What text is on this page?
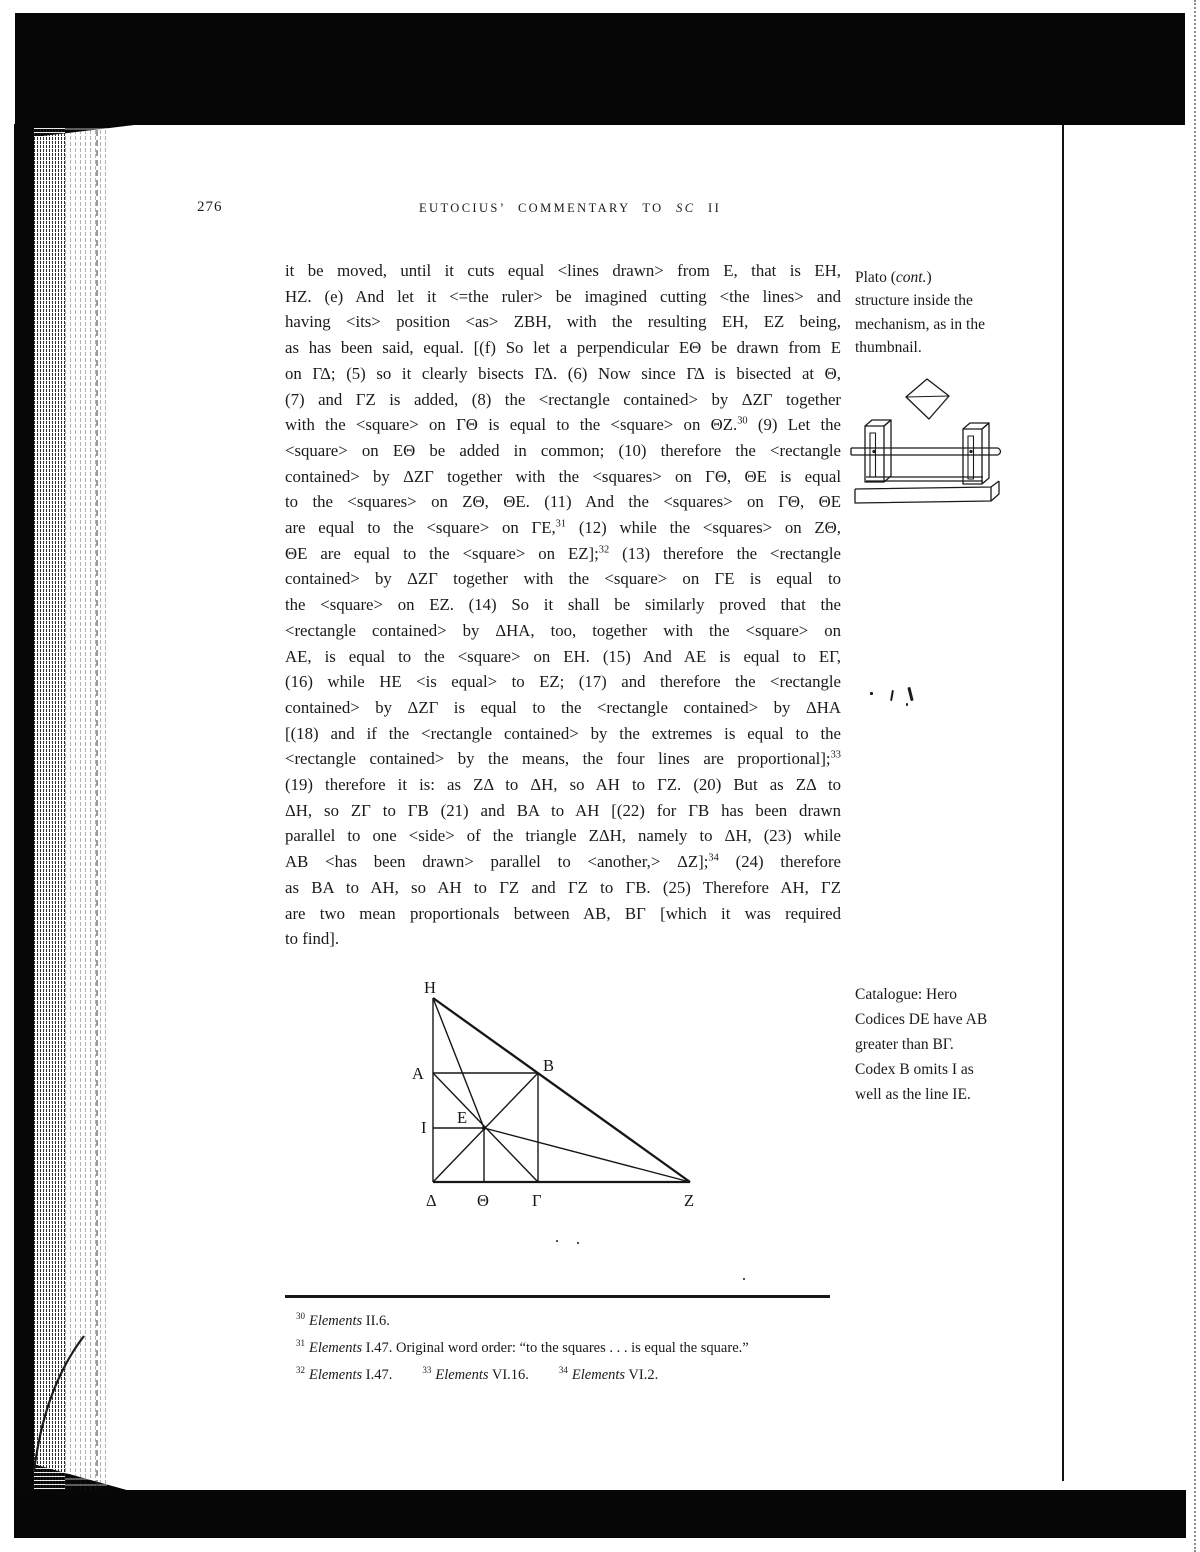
276	EUTOCIUS’ COMMENTARY TO SC II
it be moved, until it cuts equal <lines drawn> from E, that is EH,
HZ. (e) And let it <=the ruler> be imagined cutting <the lines> and
having <its> position <as> ZBH, with the resulting EH, EZ being,
as has been said, equal. [(f) So let a perpendicular EΘ be drawn from E
on ΓΔ; (5) so it clearly bisects ΓΔ. (6) Now since ΓΔ is bisected at Θ,
(7) and ΓZ is added, (8) the <rectangle contained> by ΔZΓ together
with the <square> on ΓΘ is equal to the <square> on ΘZ.$^{30}$ (9) Let the
<square> on EΘ be added in common; (10) therefore the <rectangle
contained> by ΔZΓ together with the <squares> on ΓΘ, ΘE is equal
to the <squares> on ZΘ, ΘE. (11) And the <squares> on ΓΘ, ΘE
are equal to the <square> on ΓE,$^{31}$ (12) while the <squares> on ZΘ,
ΘE are equal to the <square> on EZ];$^{32}$ (13) therefore the <rectangle
contained> by ΔZΓ together with the <square> on ΓE is equal to
the <square> on EZ. (14) So it shall be similarly proved that the
<rectangle contained> by ΔHA, too, together with the <square> on
AE, is equal to the <square> on EH. (15) And AE is equal to EΓ,
(16) while HE <is equal> to EZ; (17) and therefore the <rectangle
contained> by ΔZΓ is equal to the <rectangle contained> by ΔHA
[(18) and if the <rectangle contained> by the extremes is equal to the
<rectangle contained> by the means, the four lines are proportional];$^{33}$
(19) therefore it is: as ZΔ to ΔH, so AH to ΓZ. (20) But as ZΔ to
ΔH, so ZΓ to ΓB (21) and BA to AH [(22) for ΓB has been drawn
parallel to one <side> of the triangle ZΔH, namely to ΔH, (23) while
AB <has been drawn> parallel to <another,> ΔZ];$^{34}$ (24) therefore
as BA to AH, so AH to ΓZ and ΓZ to ΓB. (25) Therefore AH, ΓZ
are two mean proportionals between AB, BΓ [which it was required
to find].
Plato (cont.)
structure inside the
mechanism, as in the
thumbnail.
Catalogue: Hero
Codices DE have AB
greater than BΓ.
Codex B omits I as
well as the line IE.
H
A
I
E
B
Δ Θ	Γ	Z
$^{30}$ Elements II.6.
$^{31}$ Elements I.47. Original word order: “to the squares . . . is equal the square.”
$^{32}$ Elements I.47.	$^{33}$ Elements VI.16.	$^{34}$ Elements VI.2.
